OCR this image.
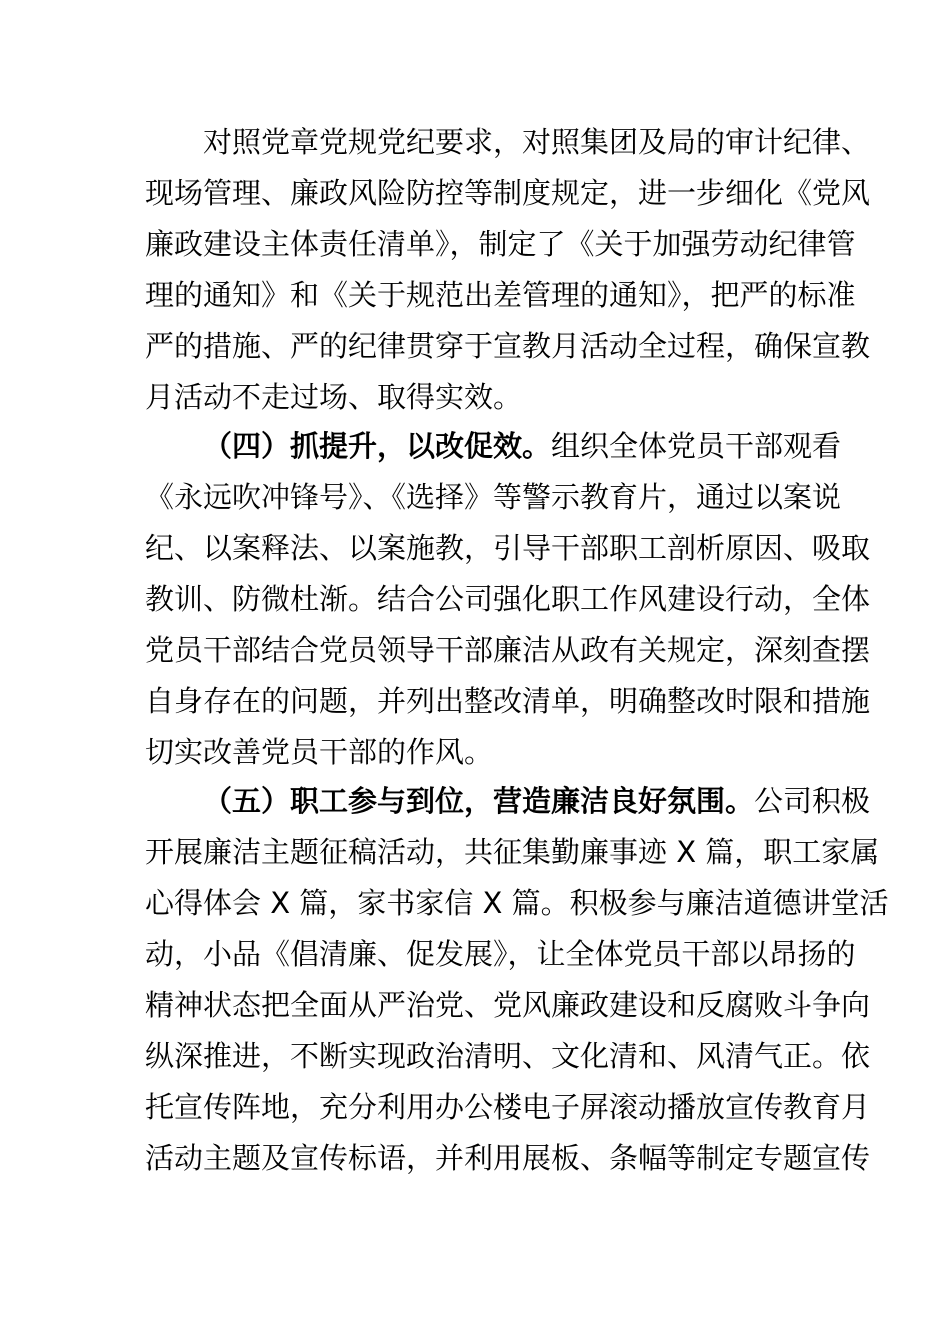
对照党章党规党纪要求，对照集团及局的审计纪律、
现场管理、廉政风险防控等制度规定，进一步细化《党风
廉政建设主体责任清单》，制定了《关于加强劳动纪律管
理的通知》和《关于规范出差管理的通知》，把严的标准
严的措施、严的纪律贯穿于宣教月活动全过程，确保宣教
月活动不走过场、取得实效。
（四）抓提升，以改促效。组织全体党员干部观看
《永远吹冲锋号》、《选择》等警示教育片，通过以案说
纪、以案释法、以案施教，引导干部职工剖析原因、吸取
教训、防微杜渐。结合公司强化职工作风建设行动，全体
党员干部结合党员领导干部廉洁从政有关规定，深刻查摆
自身存在的问题，并列出整改清单，明确整改时限和措施
切实改善党员干部的作风。
（五）职工参与到位，营造廉洁良好氛围。公司积极
开展廉洁主题征稿活动，共征集勤廉事迹 X 篇，职工家属
心得体会 X 篇，家书家信 X 篇。积极参与廉洁道德讲堂活
动，小品《倡清廉、促发展》，让全体党员干部以昂扬的
精神状态把全面从严治党、党风廉政建设和反腐败斗争向
纵深推进，不断实现政治清明、文化清和、风清气正。依
托宣传阵地，充分利用办公楼电子屏滚动播放宣传教育月
活动主题及宣传标语，并利用展板、条幅等制定专题宣传
